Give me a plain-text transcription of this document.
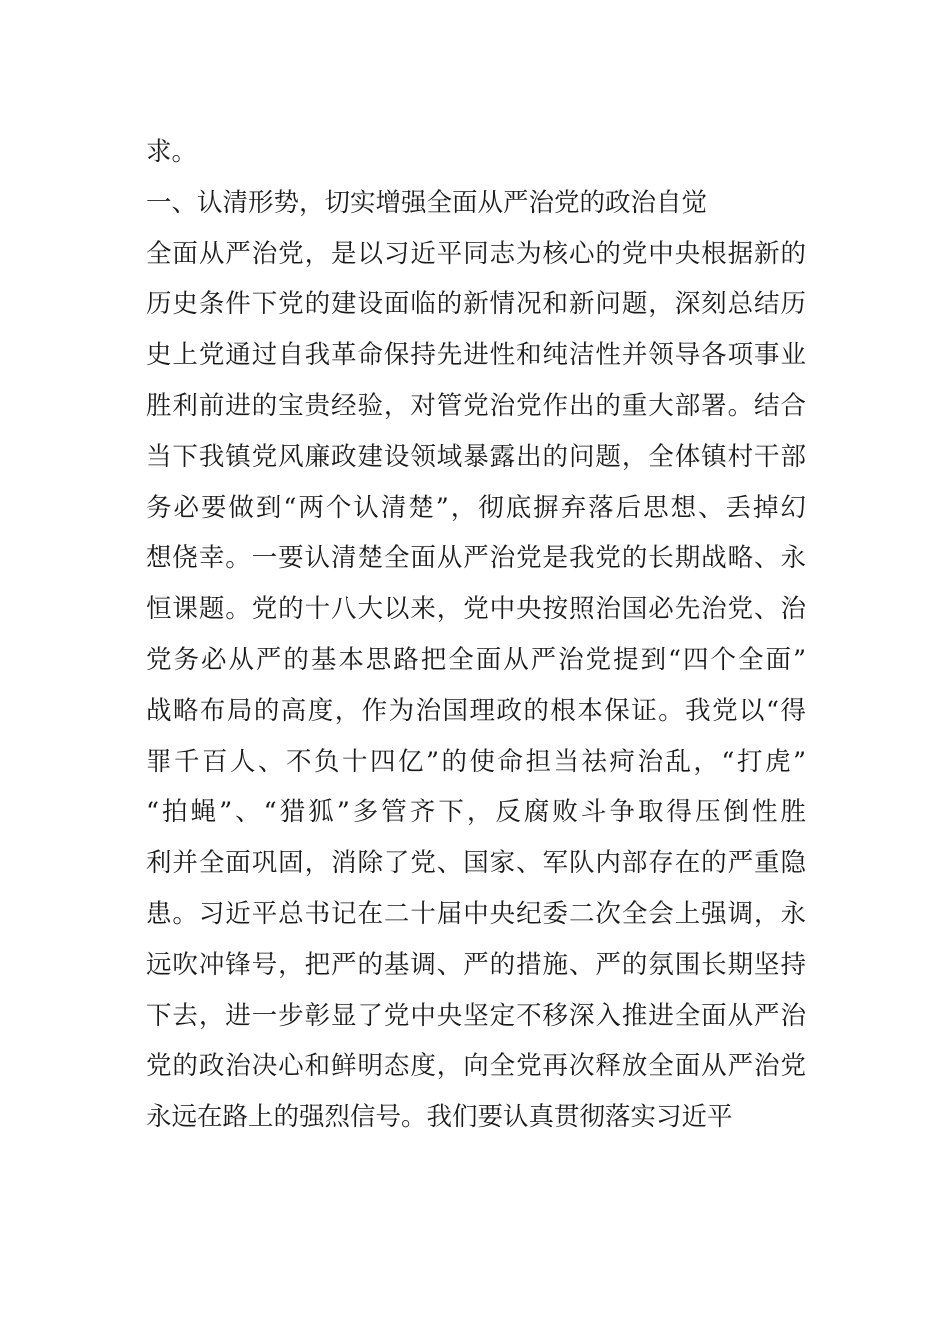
求。
一、认清形势，切实增强全面从严治党的政治自觉
全面从严治党，是以习近平同志为核心的党中央根据新的
历史条件下党的建设面临的新情况和新问题，深刻总结历
史上党通过自我革命保持先进性和纯洁性并领导各项事业
胜利前进的宝贵经验，对管党治党作出的重大部署。结合
当下我镇党风廉政建设领域暴露出的问题，全体镇村干部
务必要做到“两个认清楚”，彻底摒弃落后思想、丢掉幻
想侥幸。一要认清楚全面从严治党是我党的长期战略、永
恒课题。党的十八大以来，党中央按照治国必先治党、治
党务必从严的基本思路把全面从严治党提到“四个全面”
战略布局的高度，作为治国理政的根本保证。我党以“得
罪千百人、不负十四亿”的使命担当祛疴治乱，“打虎”
“拍蝇”、“猎狐”多管齐下，反腐败斗争取得压倒性胜
利并全面巩固，消除了党、国家、军队内部存在的严重隐
患。习近平总书记在二十届中央纪委二次全会上强调，永
远吹冲锋号，把严的基调、严的措施、严的氛围长期坚持
下去，进一步彰显了党中央坚定不移深入推进全面从严治
党的政治决心和鲜明态度，向全党再次释放全面从严治党
永远在路上的强烈信号。我们要认真贯彻落实习近平
